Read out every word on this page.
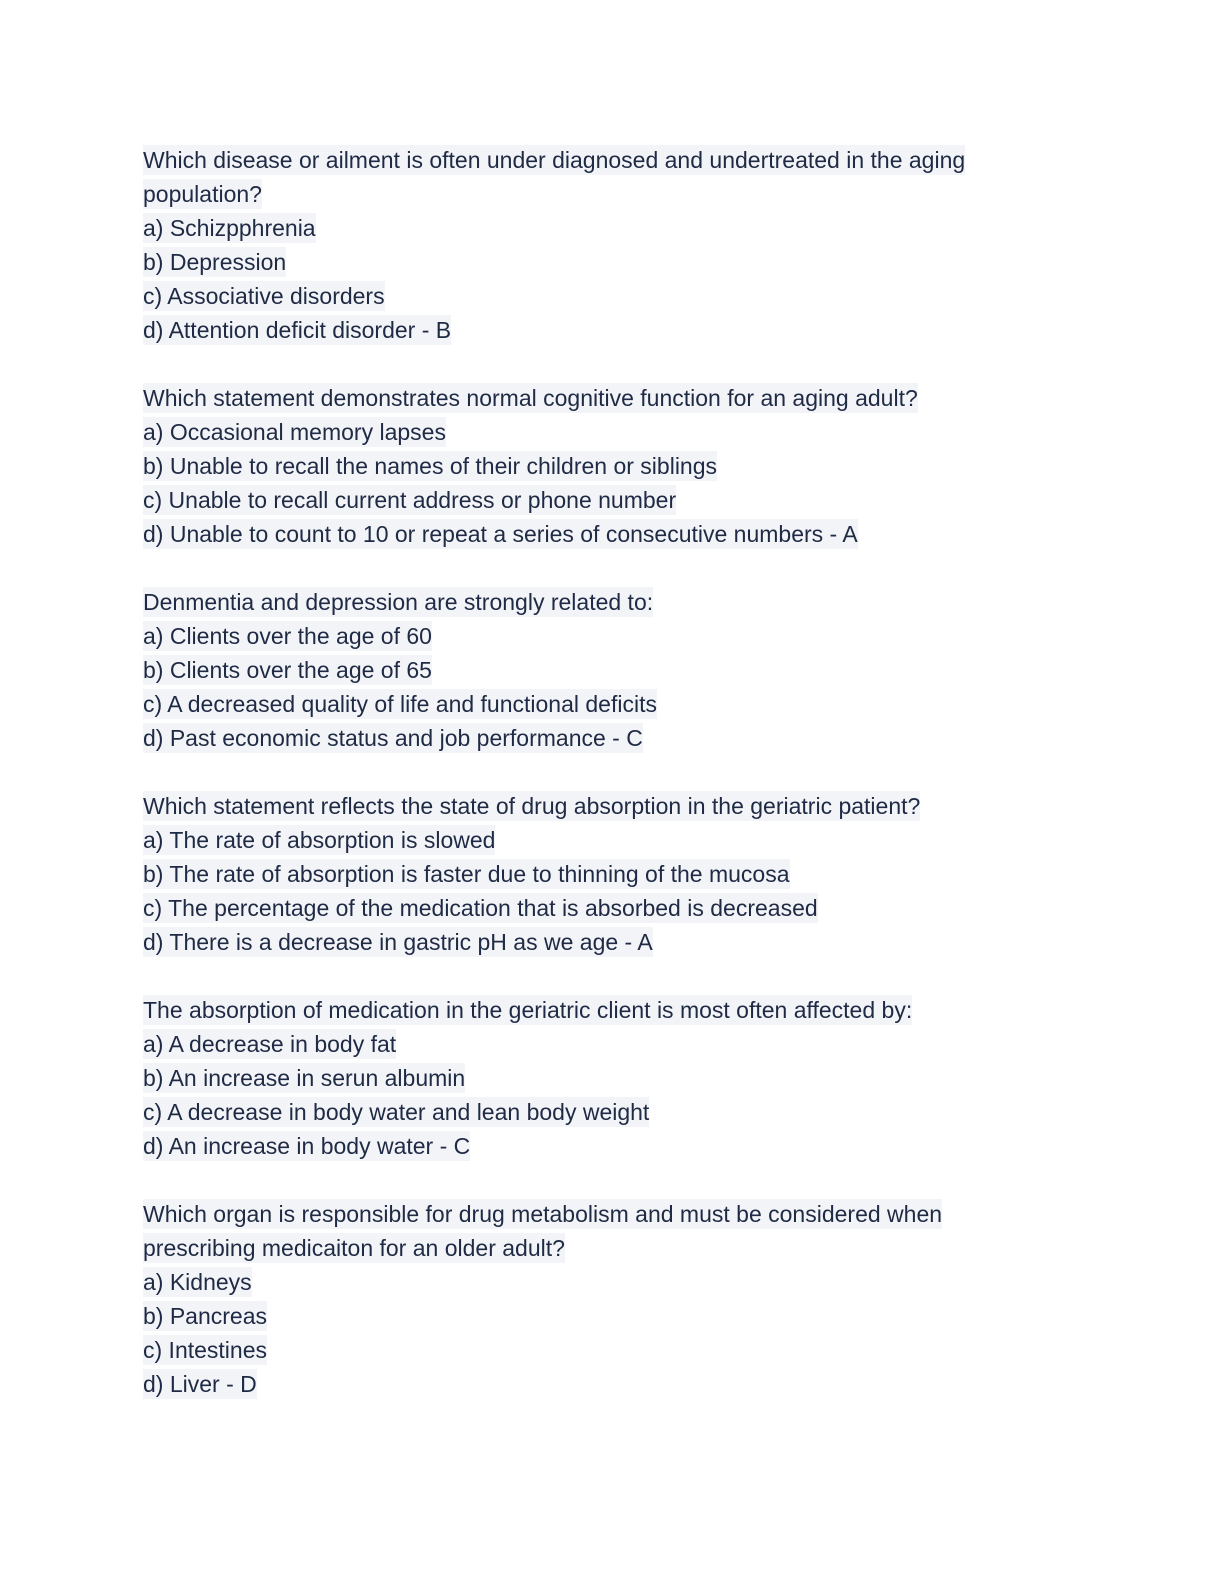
Which disease or ailment is often under diagnosed and undertreated in the aging
population?
a) Schizpphrenia
b) Depression
c) Associative disorders
d) Attention deficit disorder - B
Which statement demonstrates normal cognitive function for an aging adult?
a) Occasional memory lapses
b) Unable to recall the names of their children or siblings
c) Unable to recall current address or phone number
d) Unable to count to 10 or repeat a series of consecutive numbers - A
Denmentia and depression are strongly related to:
a) Clients over the age of 60
b) Clients over the age of 65
c) A decreased quality of life and functional deficits
d) Past economic status and job performance - C
Which statement reflects the state of drug absorption in the geriatric patient?
a) The rate of absorption is slowed
b) The rate of absorption is faster due to thinning of the mucosa
c) The percentage of the medication that is absorbed is decreased
d) There is a decrease in gastric pH as we age - A
The absorption of medication in the geriatric client is most often affected by:
a) A decrease in body fat
b) An increase in serun albumin
c) A decrease in body water and lean body weight
d) An increase in body water - C
Which organ is responsible for drug metabolism and must be considered when
prescribing medicaiton for an older adult?
a) Kidneys
b) Pancreas
c) Intestines
d) Liver - D
